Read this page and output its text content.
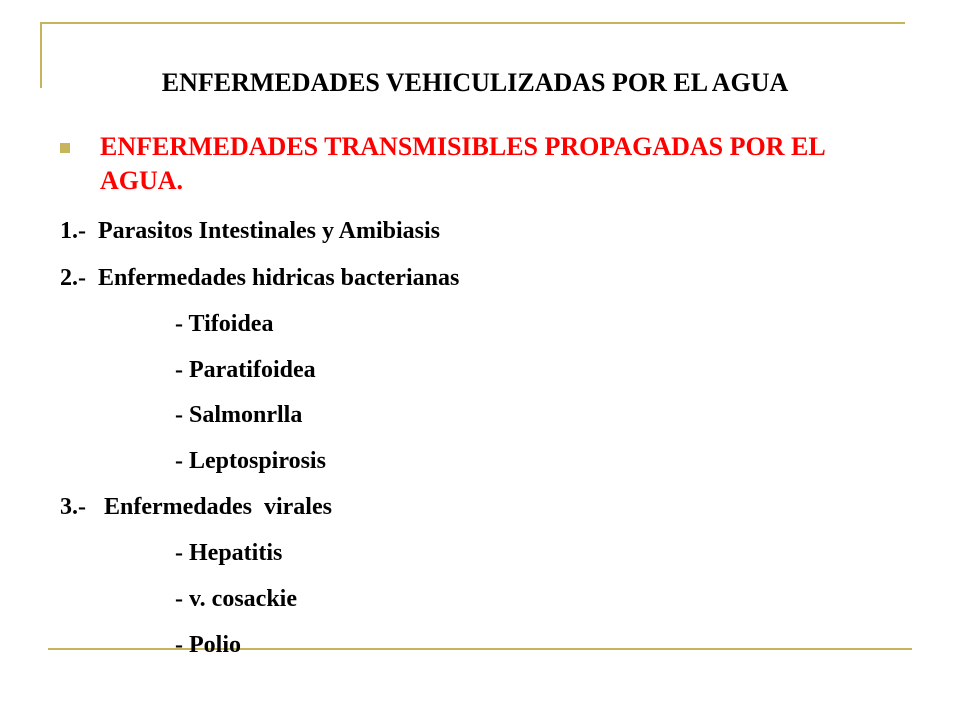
ENFERMEDADES VEHICULIZADAS POR EL AGUA
ENFERMEDADES TRANSMISIBLES PROPAGADAS POR EL AGUA.
1.-  Parasitos Intestinales y Amibiasis
2.-  Enfermedades hidricas bacterianas
- Tifoidea
- Paratifoidea
- Salmonrlla
- Leptospirosis
3.-   Enfermedades  virales
- Hepatitis
- v. cosackie
- Polio
